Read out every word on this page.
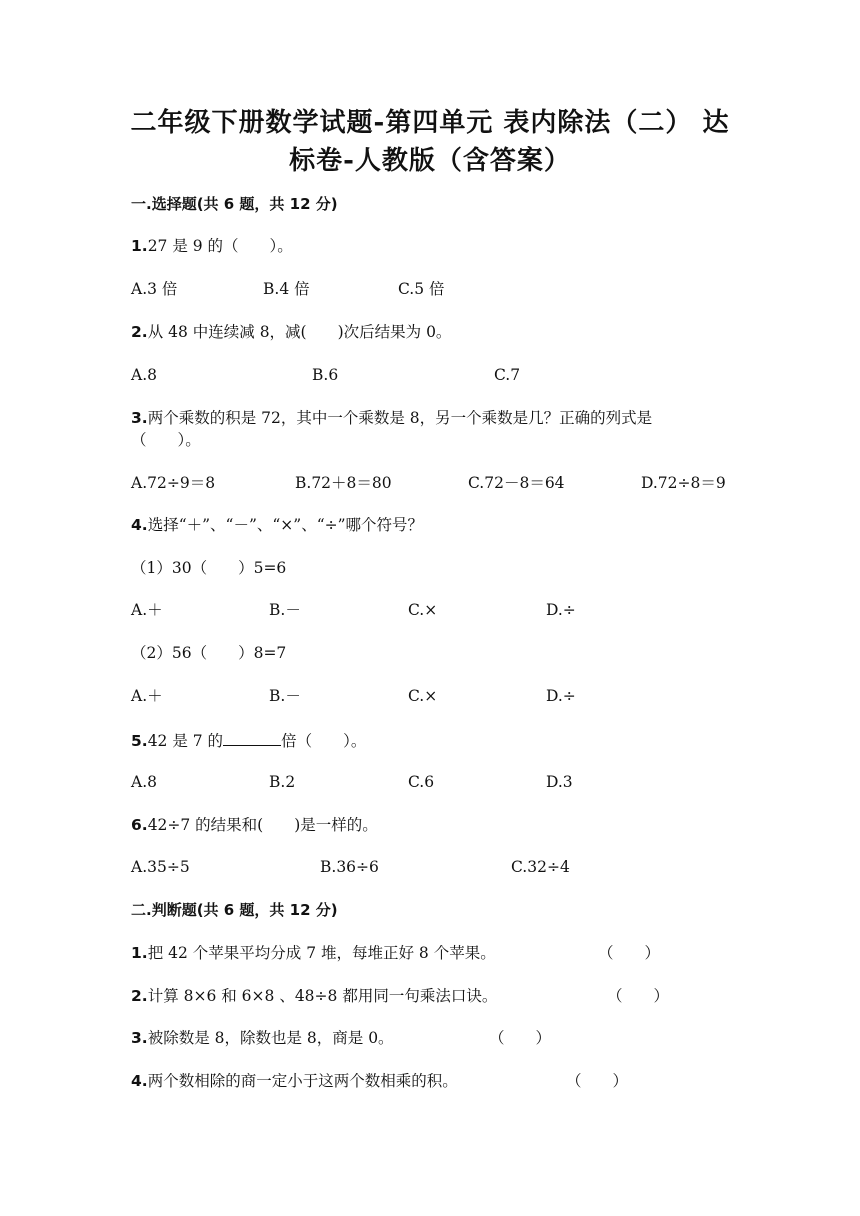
二年级下册数学试题-第四单元 表内除法（二） 达
标卷-人教版（含答案）
一.选择题(共 6 题，共 12 分)
1.27 是 9 的（　　）。
A.3 倍	B.4 倍	C.5 倍
2.从 48 中连续减 8，减(　　)次后结果为 0。
A.8	B.6	C.7
3.两个乘数的积是 72，其中一个乘数是 8，另一个乘数是几？正确的列式是
（　　）。
A.72÷9＝8	B.72＋8＝80	C.72－8＝64	D.72÷8＝9
4.选择“＋”、“－”、“×”、“÷”哪个符号？
（1）30（　　）5=6
A.＋	B.－	C.×	D.÷
（2）56（　　）8=7
A.＋	B.－	C.×	D.÷
5.42 是 7 的	倍（　　）。
A.8	B.2	C.6	D.3
6.42÷7 的结果和(　　)是一样的。
A.35÷5	B.36÷6	C.32÷4
二.判断题(共 6 题，共 12 分)
1.把 42 个苹果平均分成 7 堆，每堆正好 8 个苹果。	（　　）
2.计算 8×6 和 6×8 、48÷8 都用同一句乘法口诀。	（　　）
3.被除数是 8，除数也是 8，商是 0。	（　　）
4.两个数相除的商一定小于这两个数相乘的积。	（　　）
